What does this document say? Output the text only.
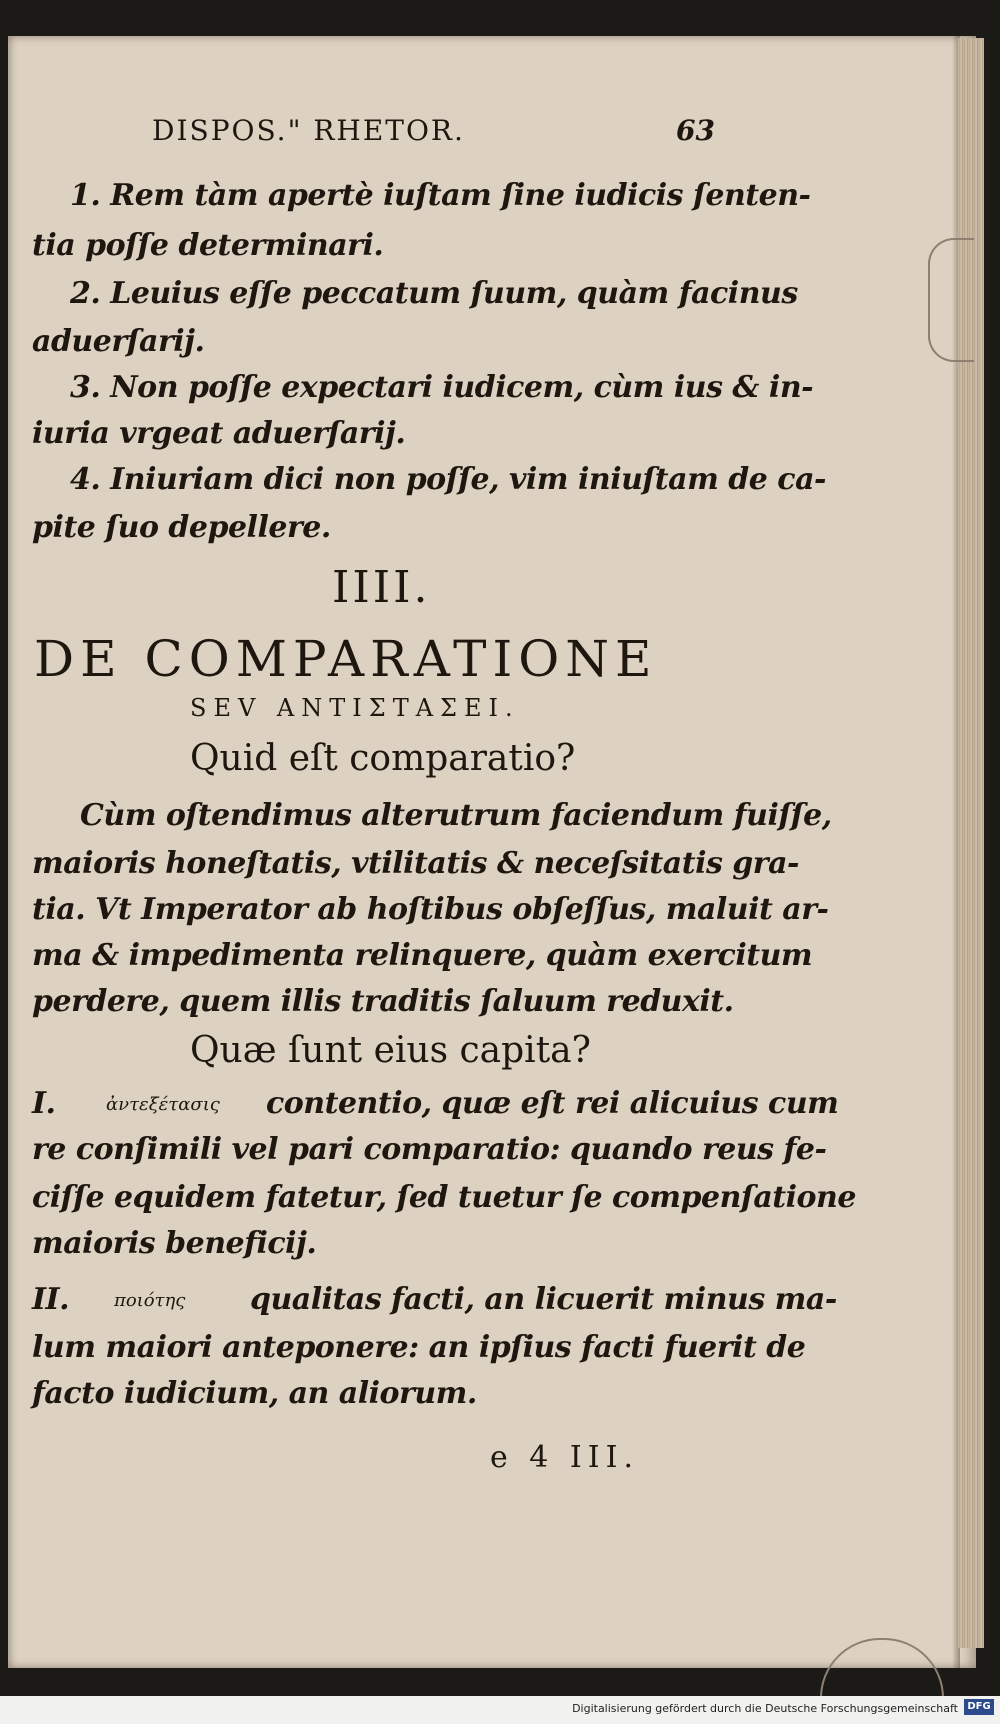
DISPOS." RHETOR.	63
1. Rem tàm apertè iuſtam ſine iudicis ſenten-
tia poſſe determinari.
2. Leuius eſſe peccatum ſuum, quàm facinus
aduerſarij.
3. Non poſſe expectari iudicem, cùm ius & in-
iuria vrgeat aduerſarij.
4. Iniuriam dici non poſſe, vim iniuſtam de ca-
pite ſuo depellere.
IIII.
DE COMPARATIONE
SEV ΑΝΤΙΣΤΑΣΕΙ.
Quid eſt comparatio?
Cùm oſtendimus alterutrum faciendum fuiſſe,
maioris honeſtatis, vtilitatis & neceſsitatis gra-
tia. Vt Imperator ab hoſtibus obſeſſus, maluit ar-
ma & impedimenta relinquere, quàm exercitum
perdere, quem illis traditis ſaluum reduxit.
Quæ ſunt eius capita?
I.	ἀντεξέτασις contentio, quæ eſt rei alicuius cum
re conſimili vel pari comparatio: quando reus fe-
ciſſe equidem fatetur, ſed tuetur ſe compenſatione
maioris beneficij.
II. ποιότης qualitas facti, an licuerit minus ma-
lum maiori anteponere: an ipſius facti fuerit de
facto iudicium, an aliorum.
e 4 III.
Digitalisierung gefördert durch die Deutsche Forschungsgemeinschaft DFG
